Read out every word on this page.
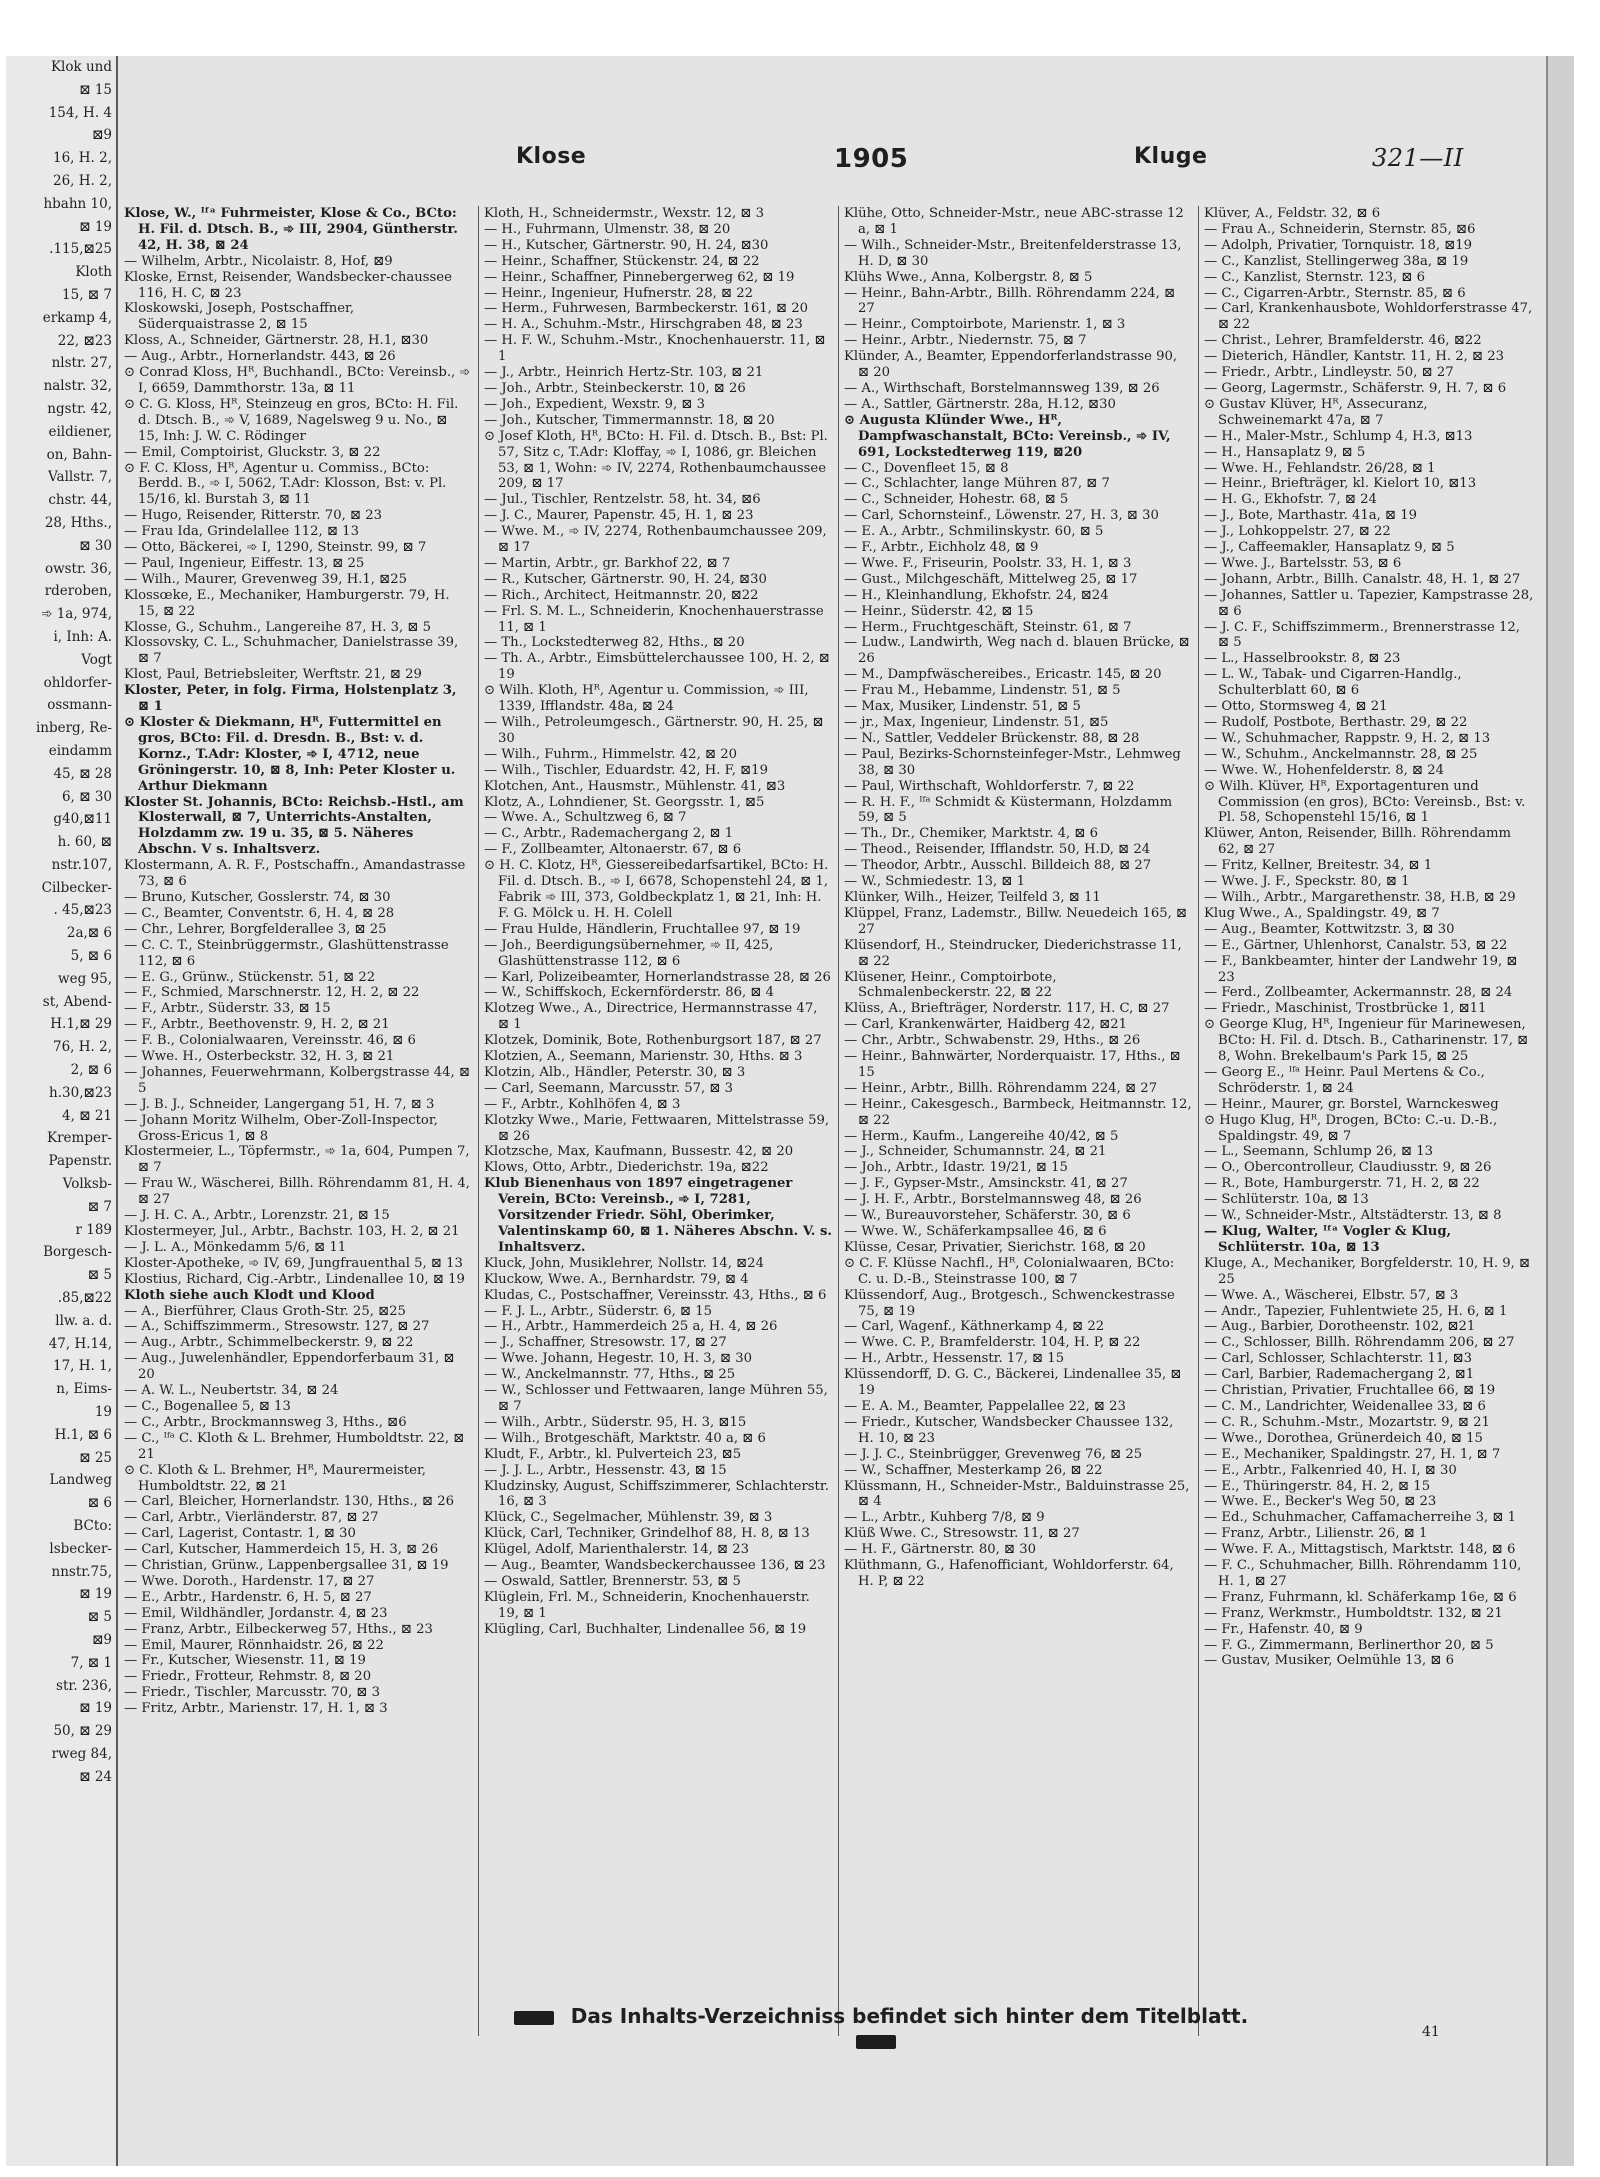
Klok und
⊠ 15
154, H. 4
⊠9
16, H. 2,
26, H. 2,
hbahn 10,
⊠ 19
.115,⊠25
Kloth
15, ⊠ 7
erkamp 4,
22, ⊠23
nlstr. 27,
nalstr. 32,
ngstr. 42,
eildiener,
on, Bahn-
Vallstr. 7,
chstr. 44,
28, Hths.,
⊠ 30
owstr. 36,
rderoben,
➾ 1a, 974,
i, Inh: A.
Vogt
ohldorfer-
ossmann-
inberg, Re-
eindamm
45, ⊠ 28
6, ⊠ 30
g40,⊠11
h. 60, ⊠
nstr.107,
Cilbecker-
. 45,⊠23
2a,⊠ 6
5, ⊠ 6
weg 95,
st, Abend-
H.1,⊠ 29
76, H. 2,
2, ⊠ 6
h.30,⊠23
4, ⊠ 21
Kremper-
Papenstr.
Volksb-
⊠ 7
r 189
Borgesch-
⊠ 5
.85,⊠22
llw. a. d.
47, H.14,
17, H. 1,
n, Eims-
19
H.1, ⊠ 6
⊠ 25
Landweg
⊠ 6
BCto:
lsbecker-
nnstr.75,
⊠ 19
⊠ 5
⊠9
7, ⊠ 1
str. 236,
⊠ 19
50, ⊠ 29
rweg 84,
⊠ 24
Klose	1905	Kluge	321—II

Klose, W., ᴵᶠᵃ Fuhrmeister, Klose & Co., BCto: H. Fil. d. Dtsch. B., ➾ III, 2904, Güntherstr. 42, H. 38, ⊠ 24

— Wilhelm, Arbtr., Nicolaistr. 8, Hof, ⊠9

Kloske, Ernst, Reisender, Wandsbecker-chaussee 116, H. C, ⊠ 23

Kloskowski, Joseph, Postschaffner, Süderquaistrasse 2, ⊠ 15

Kloss, A., Schneider, Gärtnerstr. 28, H.1, ⊠30

— Aug., Arbtr., Hornerlandstr. 443, ⊠ 26

⊙ Conrad Kloss, Hᴿ, Buchhandl., BCto: Vereinsb., ➾ I, 6659, Dammthorstr. 13a, ⊠ 11

⊙ C. G. Kloss, Hᴿ, Steinzeug en gros, BCto: H. Fil. d. Dtsch. B., ➾ V, 1689, Nagelsweg 9 u. No., ⊠ 15, Inh: J. W. C. Rödinger

— Emil, Comptoirist, Gluckstr. 3, ⊠ 22

⊙ F. C. Kloss, Hᴿ, Agentur u. Commiss., BCto: Berdd. B., ➾ I, 5062, T.Adr: Klosson, Bst: v. Pl. 15/16, kl. Burstah 3, ⊠ 11

— Hugo, Reisender, Ritterstr. 70, ⊠ 23

— Frau Ida, Grindelallee 112, ⊠ 13

— Otto, Bäckerei, ➾ I, 1290, Steinstr. 99, ⊠ 7

— Paul, Ingenieur, Eiffestr. 13, ⊠ 25

— Wilh., Maurer, Grevenweg 39, H.1, ⊠25

Klossœke, E., Mechaniker, Hamburgerstr. 79, H. 15, ⊠ 22

Klosse, G., Schuhm., Langereihe 87, H. 3, ⊠ 5

Klossovsky, C. L., Schuhmacher, Danielstrasse 39, ⊠ 7

Klost, Paul, Betriebsleiter, Werftstr. 21, ⊠ 29

Kloster, Peter, in folg. Firma, Holstenplatz 3, ⊠ 1

⊙ Kloster & Diekmann, Hᴿ, Futtermittel en gros, BCto: Fil. d. Dresdn. B., Bst: v. d. Kornz., T.Adr: Kloster, ➾ I, 4712, neue Gröningerstr. 10, ⊠ 8, Inh: Peter Kloster u. Arthur Diekmann

Kloster St. Johannis, BCto: Reichsb.-Hstl., am Klosterwall, ⊠ 7, Unterrichts-Anstalten, Holzdamm zw. 19 u. 35, ⊠ 5. Näheres Abschn. V s. Inhaltsverz.

Klostermann, A. R. F., Postschaffn., Amandastrasse 73, ⊠ 6

— Bruno, Kutscher, Gosslerstr. 74, ⊠ 30

— C., Beamter, Conventstr. 6, H. 4, ⊠ 28

— Chr., Lehrer, Borgfelderallee 3, ⊠ 25

— C. C. T., Steinbrüggermstr., Glashüttenstrasse 112, ⊠ 6

— E. G., Grünw., Stückenstr. 51, ⊠ 22

— F., Schmied, Marschnerstr. 12, H. 2, ⊠ 22

— F., Arbtr., Süderstr. 33, ⊠ 15

— F., Arbtr., Beethovenstr. 9, H. 2, ⊠ 21

— F. B., Colonialwaaren, Vereinsstr. 46, ⊠ 6

— Wwe. H., Osterbeckstr. 32, H. 3, ⊠ 21

— Johannes, Feuerwehrmann, Kolbergstrasse 44, ⊠ 5

— J. B. J., Schneider, Langergang 51, H. 7, ⊠ 3

— Johann Moritz Wilhelm, Ober-Zoll-Inspector, Gross-Ericus 1, ⊠ 8

Klostermeier, L., Töpfermstr., ➾ 1a, 604, Pumpen 7, ⊠ 7

— Frau W., Wäscherei, Billh. Röhrendamm 81, H. 4, ⊠ 27

— J. H. C. A., Arbtr., Lorenzstr. 21, ⊠ 15

Klostermeyer, Jul., Arbtr., Bachstr. 103, H. 2, ⊠ 21

— J. L. A., Mönkedamm 5/6, ⊠ 11

Kloster-Apotheke, ➾ IV, 69, Jungfrauenthal 5, ⊠ 13

Klostius, Richard, Cig.-Arbtr., Lindenallee 10, ⊠ 19

Kloth siehe auch Klodt und Klood

— A., Bierführer, Claus Groth-Str. 25, ⊠25

— A., Schiffszimmerm., Stresowstr. 127, ⊠ 27

— Aug., Arbtr., Schimmelbeckerstr. 9, ⊠ 22

— Aug., Juwelenhändler, Eppendorferbaum 31, ⊠ 20

— A. W. L., Neubertstr. 34, ⊠ 24

— C., Bogenallee 5, ⊠ 13

— C., Arbtr., Brockmannsweg 3, Hths., ⊠6

— C., ᴵᶠᵃ C. Kloth & L. Brehmer, Humboldtstr. 22, ⊠ 21

⊙ C. Kloth & L. Brehmer, Hᴿ, Maurermeister, Humboldtstr. 22, ⊠ 21

— Carl, Bleicher, Hornerlandstr. 130, Hths., ⊠ 26

— Carl, Arbtr., Vierländerstr. 87, ⊠ 27

— Carl, Lagerist, Contastr. 1, ⊠ 30

— Carl, Kutscher, Hammerdeich 15, H. 3, ⊠ 26

— Christian, Grünw., Lappenbergsallee 31, ⊠ 19

— Wwe. Doroth., Hardenstr. 17, ⊠ 27

— E., Arbtr., Hardenstr. 6, H. 5, ⊠ 27

— Emil, Wildhändler, Jordanstr. 4, ⊠ 23

— Franz, Arbtr., Eilbeckerweg 57, Hths., ⊠ 23

— Emil, Maurer, Rönnhaidstr. 26, ⊠ 22

— Fr., Kutscher, Wiesenstr. 11, ⊠ 19

— Friedr., Frotteur, Rehmstr. 8, ⊠ 20

— Friedr., Tischler, Marcusstr. 70, ⊠ 3

— Fritz, Arbtr., Marienstr. 17, H. 1, ⊠ 3

Kloth, H., Schneidermstr., Wexstr. 12, ⊠ 3

— H., Fuhrmann, Ulmenstr. 38, ⊠ 20

— H., Kutscher, Gärtnerstr. 90, H. 24, ⊠30

— Heinr., Schaffner, Stückenstr. 24, ⊠ 22

— Heinr., Schaffner, Pinnebergerweg 62, ⊠ 19

— Heinr., Ingenieur, Hufnerstr. 28, ⊠ 22

— Herm., Fuhrwesen, Barmbeckerstr. 161, ⊠ 20

— H. A., Schuhm.-Mstr., Hirschgraben 48, ⊠ 23

— H. F. W., Schuhm.-Mstr., Knochenhauerstr. 11, ⊠ 1

— J., Arbtr., Heinrich Hertz-Str. 103, ⊠ 21

— Joh., Arbtr., Steinbeckerstr. 10, ⊠ 26

— Joh., Expedient, Wexstr. 9, ⊠ 3

— Joh., Kutscher, Timmermannstr. 18, ⊠ 20

⊙ Josef Kloth, Hᴿ, BCto: H. Fil. d. Dtsch. B., Bst: Pl. 57, Sitz c, T.Adr: Kloffay, ➾ I, 1086, gr. Bleichen 53, ⊠ 1, Wohn: ➾ IV, 2274, Rothenbaumchaussee 209, ⊠ 17

— Jul., Tischler, Rentzelstr. 58, ht. 34, ⊠6

— J. C., Maurer, Papenstr. 45, H. 1, ⊠ 23

— Wwe. M., ➾ IV, 2274, Rothenbaumchaussee 209, ⊠ 17

— Martin, Arbtr., gr. Barkhof 22, ⊠ 7

— R., Kutscher, Gärtnerstr. 90, H. 24, ⊠30

— Rich., Architect, Heitmannstr. 20, ⊠22

— Frl. S. M. L., Schneiderin, Knochenhauerstrasse 11, ⊠ 1

— Th., Lockstedterweg 82, Hths., ⊠ 20

— Th. A., Arbtr., Eimsbüttelerchaussee 100, H. 2, ⊠ 19

⊙ Wilh. Kloth, Hᴿ, Agentur u. Commission, ➾ III, 1339, Ifflandstr. 48a, ⊠ 24

— Wilh., Petroleumgesch., Gärtnerstr. 90, H. 25, ⊠ 30

— Wilh., Fuhrm., Himmelstr. 42, ⊠ 20

— Wilh., Tischler, Eduardstr. 42, H. F, ⊠19

Klotchen, Ant., Hausmstr., Mühlenstr. 41, ⊠3

Klotz, A., Lohndiener, St. Georgsstr. 1, ⊠5

— Wwe. A., Schultzweg 6, ⊠ 7

— C., Arbtr., Rademachergang 2, ⊠ 1

— F., Zollbeamter, Altonaerstr. 67, ⊠ 6

⊙ H. C. Klotz, Hᴿ, Giessereibedarfsartikel, BCto: H. Fil. d. Dtsch. B., ➾ I, 6678, Schopenstehl 24, ⊠ 1, Fabrik ➾ III, 373, Goldbeckplatz 1, ⊠ 21, Inh: H. F. G. Mölck u. H. H. Colell

— Frau Hulde, Händlerin, Fruchtallee 97, ⊠ 19

— Joh., Beerdigungsübernehmer, ➾ II, 425, Glashüttenstrasse 112, ⊠ 6

— Karl, Polizeibeamter, Hornerlandstrasse 28, ⊠ 26

— W., Schiffskoch, Eckernförderstr. 86, ⊠ 4

Klotzeg Wwe., A., Directrice, Hermannstrasse 47, ⊠ 1

Klotzek, Dominik, Bote, Rothenburgsort 187, ⊠ 27

Klotzien, A., Seemann, Marienstr. 30, Hths. ⊠ 3

Klotzin, Alb., Händler, Peterstr. 30, ⊠ 3

— Carl, Seemann, Marcusstr. 57, ⊠ 3

— F., Arbtr., Kohlhöfen 4, ⊠ 3

Klotzky Wwe., Marie, Fettwaaren, Mittelstrasse 59, ⊠ 26

Klotzsche, Max, Kaufmann, Bussestr. 42, ⊠ 20

Klows, Otto, Arbtr., Diederichstr. 19a, ⊠22

Klub Bienenhaus von 1897 eingetragener Verein, BCto: Vereinsb., ➾ I, 7281, Vorsitzender Friedr. Söhl, Oberimker, Valentinskamp 60, ⊠ 1. Näheres Abschn. V. s. Inhaltsverz.

Kluck, John, Musiklehrer, Nollstr. 14, ⊠24

Kluckow, Wwe. A., Bernhardstr. 79, ⊠ 4

Kludas, C., Postschaffner, Vereinsstr. 43, Hths., ⊠ 6

— F. J. L., Arbtr., Süderstr. 6, ⊠ 15

— H., Arbtr., Hammerdeich 25 a, H. 4, ⊠ 26

— J., Schaffner, Stresowstr. 17, ⊠ 27

— Wwe. Johann, Hegestr. 10, H. 3, ⊠ 30

— W., Anckelmannstr. 77, Hths., ⊠ 25

— W., Schlosser und Fettwaaren, lange Mühren 55, ⊠ 7

— Wilh., Arbtr., Süderstr. 95, H. 3, ⊠15

— Wilh., Brotgeschäft, Marktstr. 40 a, ⊠ 6

Kludt, F., Arbtr., kl. Pulverteich 23, ⊠5

— J. J. L., Arbtr., Hessenstr. 43, ⊠ 15

Kludzinsky, August, Schiffszimmerer, Schlachterstr. 16, ⊠ 3

Klück, C., Segelmacher, Mühlenstr. 39, ⊠ 3

Klück, Carl, Techniker, Grindelhof 88, H. 8, ⊠ 13

Klügel, Adolf, Marienthalerstr. 14, ⊠ 23

— Aug., Beamter, Wandsbeckerchaussee 136, ⊠ 23

— Oswald, Sattler, Brennerstr. 53, ⊠ 5

Klüglein, Frl. M., Schneiderin, Knochenhauerstr. 19, ⊠ 1

Klügling, Carl, Buchhalter, Lindenallee 56, ⊠ 19

Klühe, Otto, Schneider-Mstr., neue ABC-strasse 12 a, ⊠ 1

— Wilh., Schneider-Mstr., Breitenfelderstrasse 13, H. D, ⊠ 30

Klühs Wwe., Anna, Kolbergstr. 8, ⊠ 5

— Heinr., Bahn-Arbtr., Billh. Röhrendamm 224, ⊠ 27

— Heinr., Comptoirbote, Marienstr. 1, ⊠ 3

— Heinr., Arbtr., Niedernstr. 75, ⊠ 7

Klünder, A., Beamter, Eppendorferlandstrasse 90, ⊠ 20

— A., Wirthschaft, Borstelmannsweg 139, ⊠ 26

— A., Sattler, Gärtnerstr. 28a, H.12, ⊠30

⊙ Augusta Klünder Wwe., Hᴿ, Dampfwaschanstalt, BCto: Vereinsb., ➾ IV, 691, Lockstedterweg 119, ⊠20

— C., Dovenfleet 15, ⊠ 8

— C., Schlachter, lange Mühren 87, ⊠ 7

— C., Schneider, Hohestr. 68, ⊠ 5

— Carl, Schornsteinf., Löwenstr. 27, H. 3, ⊠ 30

— E. A., Arbtr., Schmilinskystr. 60, ⊠ 5

— F., Arbtr., Eichholz 48, ⊠ 9

— Wwe. F., Friseurin, Poolstr. 33, H. 1, ⊠ 3

— Gust., Milchgeschäft, Mittelweg 25, ⊠ 17

— H., Kleinhandlung, Ekhofstr. 24, ⊠24

— Heinr., Süderstr. 42, ⊠ 15

— Herm., Fruchtgeschäft, Steinstr. 61, ⊠ 7

— Ludw., Landwirth, Weg nach d. blauen Brücke, ⊠ 26

— M., Dampfwäschereibes., Ericastr. 145, ⊠ 20

— Frau M., Hebamme, Lindenstr. 51, ⊠ 5

— Max, Musiker, Lindenstr. 51, ⊠ 5

— jr., Max, Ingenieur, Lindenstr. 51, ⊠5

— N., Sattler, Veddeler Brückenstr. 88, ⊠ 28

— Paul, Bezirks-Schornsteinfeger-Mstr., Lehmweg 38, ⊠ 30

— Paul, Wirthschaft, Wohldorferstr. 7, ⊠ 22

— R. H. F., ᴵᶠᵃ Schmidt & Küstermann, Holzdamm 59, ⊠ 5

— Th., Dr., Chemiker, Marktstr. 4, ⊠ 6

— Theod., Reisender, Ifflandstr. 50, H.D, ⊠ 24

— Theodor, Arbtr., Ausschl. Billdeich 88, ⊠ 27

— W., Schmiedestr. 13, ⊠ 1

Klünker, Wilh., Heizer, Teilfeld 3, ⊠ 11

Klüppel, Franz, Lademstr., Billw. Neuedeich 165, ⊠ 27

Klüsendorf, H., Steindrucker, Diederichstrasse 11, ⊠ 22

Klüsener, Heinr., Comptoirbote, Schmalenbeckerstr. 22, ⊠ 22

Klüss, A., Briefträger, Norderstr. 117, H. C, ⊠ 27

— Carl, Krankenwärter, Haidberg 42, ⊠21

— Chr., Arbtr., Schwabenstr. 29, Hths., ⊠ 26

— Heinr., Bahnwärter, Norderquaistr. 17, Hths., ⊠ 15

— Heinr., Arbtr., Billh. Röhrendamm 224, ⊠ 27

— Heinr., Cakesgesch., Barmbeck, Heitmannstr. 12, ⊠ 22

— Herm., Kaufm., Langereihe 40/42, ⊠ 5

— J., Schneider, Schumannstr. 24, ⊠ 21

— Joh., Arbtr., Idastr. 19/21, ⊠ 15

— J. F., Gypser-Mstr., Amsinckstr. 41, ⊠ 27

— J. H. F., Arbtr., Borstelmannsweg 48, ⊠ 26

— W., Bureauvorsteher, Schäferstr. 30, ⊠ 6

— Wwe. W., Schäferkampsallee 46, ⊠ 6

Klüsse, Cesar, Privatier, Sierichstr. 168, ⊠ 20

⊙ C. F. Klüsse Nachfl., Hᴿ, Colonialwaaren, BCto: C. u. D.-B., Steinstrasse 100, ⊠ 7

Klüssendorf, Aug., Brotgesch., Schwenckestrasse 75, ⊠ 19

— Carl, Wagenf., Käthnerkamp 4, ⊠ 22

— Wwe. C. P., Bramfelderstr. 104, H. P, ⊠ 22

— H., Arbtr., Hessenstr. 17, ⊠ 15

Klüssendorff, D. G. C., Bäckerei, Lindenallee 35, ⊠ 19

— E. A. M., Beamter, Pappelallee 22, ⊠ 23

— Friedr., Kutscher, Wandsbecker Chaussee 132, H. 10, ⊠ 23

— J. J. C., Steinbrügger, Grevenweg 76, ⊠ 25

— W., Schaffner, Mesterkamp 26, ⊠ 22

Klüssmann, H., Schneider-Mstr., Balduinstrasse 25, ⊠ 4

— L., Arbtr., Kuhberg 7/8, ⊠ 9

Klüß Wwe. C., Stresowstr. 11, ⊠ 27

— H. F., Gärtnerstr. 80, ⊠ 30

Klüthmann, G., Hafenofficiant, Wohldorferstr. 64, H. P, ⊠ 22

Klüver, A., Feldstr. 32, ⊠ 6

— Frau A., Schneiderin, Sternstr. 85, ⊠6

— Adolph, Privatier, Tornquistr. 18, ⊠19

— C., Kanzlist, Stellingerweg 38a, ⊠ 19

— C., Kanzlist, Sternstr. 123, ⊠ 6

— C., Cigarren-Arbtr., Sternstr. 85, ⊠ 6

— Carl, Krankenhausbote, Wohldorferstrasse 47, ⊠ 22

— Christ., Lehrer, Bramfelderstr. 46, ⊠22

— Dieterich, Händler, Kantstr. 11, H. 2, ⊠ 23

— Friedr., Arbtr., Lindleystr. 50, ⊠ 27

— Georg, Lagermstr., Schäferstr. 9, H. 7, ⊠ 6

⊙ Gustav Klüver, Hᴿ, Assecuranz, Schweinemarkt 47a, ⊠ 7

— H., Maler-Mstr., Schlump 4, H.3, ⊠13

— H., Hansaplatz 9, ⊠ 5

— Wwe. H., Fehlandstr. 26/28, ⊠ 1

— Heinr., Briefträger, kl. Kielort 10, ⊠13

— H. G., Ekhofstr. 7, ⊠ 24

— J., Bote, Marthastr. 41a, ⊠ 19

— J., Lohkoppelstr. 27, ⊠ 22

— J., Caffeemakler, Hansaplatz 9, ⊠ 5

— Wwe. J., Bartelsstr. 53, ⊠ 6

— Johann, Arbtr., Billh. Canalstr. 48, H. 1, ⊠ 27

— Johannes, Sattler u. Tapezier, Kampstrasse 28, ⊠ 6

— J. C. F., Schiffszimmerm., Brennerstrasse 12, ⊠ 5

— L., Hasselbrookstr. 8, ⊠ 23

— L. W., Tabak- und Cigarren-Handlg., Schulterblatt 60, ⊠ 6

— Otto, Stormsweg 4, ⊠ 21

— Rudolf, Postbote, Berthastr. 29, ⊠ 22

— W., Schuhmacher, Rappstr. 9, H. 2, ⊠ 13

— W., Schuhm., Anckelmannstr. 28, ⊠ 25

— Wwe. W., Hohenfelderstr. 8, ⊠ 24

⊙ Wilh. Klüver, Hᴿ, Exportagenturen und Commission (en gros), BCto: Vereinsb., Bst: v. Pl. 58, Schopenstehl 15/16, ⊠ 1

Klüwer, Anton, Reisender, Billh. Röhrendamm 62, ⊠ 27

— Fritz, Kellner, Breitestr. 34, ⊠ 1

— Wwe. J. F., Speckstr. 80, ⊠ 1

— Wilh., Arbtr., Margarethenstr. 38, H.B, ⊠ 29

Klug Wwe., A., Spaldingstr. 49, ⊠ 7

— Aug., Beamter, Kottwitzstr. 3, ⊠ 30

— E., Gärtner, Uhlenhorst, Canalstr. 53, ⊠ 22

— F., Bankbeamter, hinter der Landwehr 19, ⊠ 23

— Ferd., Zollbeamter, Ackermannstr. 28, ⊠ 24

— Friedr., Maschinist, Trostbrücke 1, ⊠11

⊙ George Klug, Hᴿ, Ingenieur für Marinewesen, BCto: H. Fil. d. Dtsch. B., Catharinenstr. 17, ⊠ 8, Wohn. Brekelbaum's Park 15, ⊠ 25

— Georg E., ᴵᶠᵃ Heinr. Paul Mertens & Co., Schröderstr. 1, ⊠ 24

— Heinr., Maurer, gr. Borstel, Warnckesweg

⊙ Hugo Klug, Hᴿ, Drogen, BCto: C.-u. D.-B., Spaldingstr. 49, ⊠ 7

— L., Seemann, Schlump 26, ⊠ 13

— O., Obercontrolleur, Claudiusstr. 9, ⊠ 26

— R., Bote, Hamburgerstr. 71, H. 2, ⊠ 22

— Schlüterstr. 10a, ⊠ 13

— W., Schneider-Mstr., Altstädterstr. 13, ⊠ 8

— Klug, Walter, ᴵᶠᵃ Vogler & Klug, Schlüterstr. 10a, ⊠ 13

Kluge, A., Mechaniker, Borgfelderstr. 10, H. 9, ⊠ 25

— Wwe. A., Wäscherei, Elbstr. 57, ⊠ 3

— Andr., Tapezier, Fuhlentwiete 25, H. 6, ⊠ 1

— Aug., Barbier, Dorotheenstr. 102, ⊠21

— C., Schlosser, Billh. Röhrendamm 206, ⊠ 27

— Carl, Schlosser, Schlachterstr. 11, ⊠3

— Carl, Barbier, Rademachergang 2, ⊠1

— Christian, Privatier, Fruchtallee 66, ⊠ 19

— C. M., Landrichter, Weidenallee 33, ⊠ 6

— C. R., Schuhm.-Mstr., Mozartstr. 9, ⊠ 21

— Wwe., Dorothea, Grünerdeich 40, ⊠ 15

— E., Mechaniker, Spaldingstr. 27, H. 1, ⊠ 7

— E., Arbtr., Falkenried 40, H. I, ⊠ 30

— E., Thüringerstr. 84, H. 2, ⊠ 15

— Wwe. E., Becker's Weg 50, ⊠ 23

— Ed., Schuhmacher, Caffamacherreihe 3, ⊠ 1

— Franz, Arbtr., Lilienstr. 26, ⊠ 1

— Wwe. F. A., Mittagstisch, Marktstr. 148, ⊠ 6

— F. C., Schuhmacher, Billh. Röhrendamm 110, H. 1, ⊠ 27

— Franz, Fuhrmann, kl. Schäferkamp 16e, ⊠ 6

— Franz, Werkmstr., Humboldtstr. 132, ⊠ 21

— Fr., Hafenstr. 40, ⊠ 9

— F. G., Zimmermann, Berlinerthor 20, ⊠ 5

— Gustav, Musiker, Oelmühle 13, ⊠ 6

Das Inhalts-Verzeichniss befindet sich hinter dem Titelblatt.
41
